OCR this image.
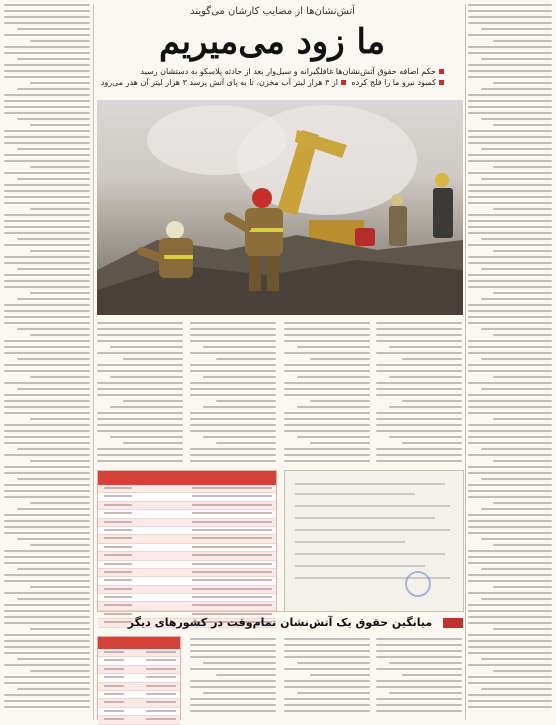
آتش‌نشان‌ها از مصایب کارشان می‌گویند
ما زود می‌میریم
حکم اضافه حقوق آتش‌نشان‌ها غافلگیرانه و سیل‌وار بعد از حادثه پلاسکو به دستشان رسید
کمبود نیرو ما را فلج کرده
از ۳ هزار لیتر آب مخزن، تا به پای آتش پرسد ۳ هزار لیتر آن هدر می‌رود
میانگین حقوق یک آتش‌نشان تمام‌وقت در کشورهای دیگر
